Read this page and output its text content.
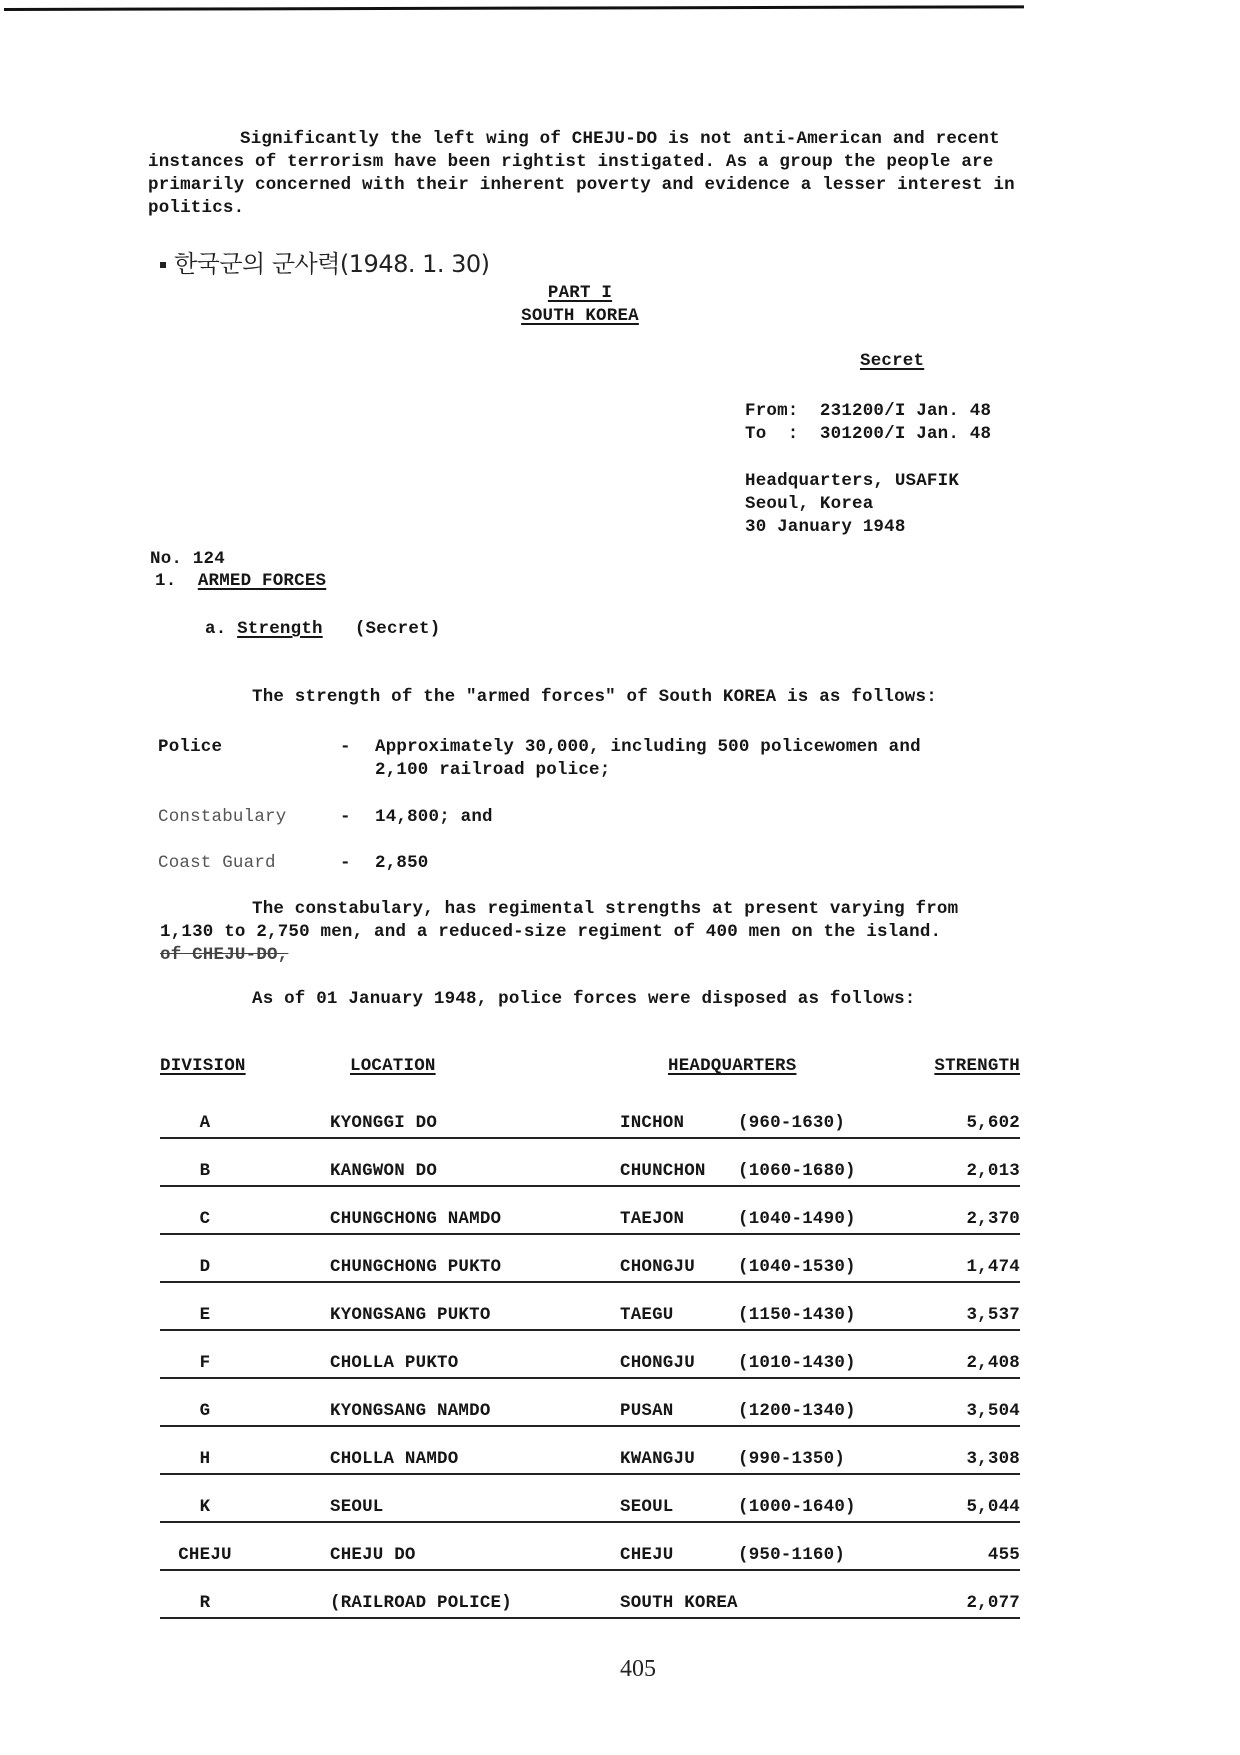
Significantly the left wing of CHEJU-DO is not anti-American and recent instances of terrorism have been rightist instigated. As a group the people are primarily concerned with their inherent poverty and evidence a lesser interest in politics.

한국군의 군사력(1948. 1. 30)
PART I
SOUTH KOREA
Secret
From: 231200/I Jan. 48
To  : 301200/I Jan. 48
Headquarters, USAFIK
Seoul, Korea
30 January 1948
No. 124
1. ARMED FORCES
a. Strength (Secret)
The strength of the "armed forces" of South KOREA is as follows:
Police	- Approximately 30,000, including 500 policewomen and
2,100 railroad police;
Constabulary	- 14,800; and
Coast Guard	- 2,850
The constabulary, has regimental strengths at present varying from
1,130 to 2,750 men, and a reduced-size regiment of 400 men on the island.
of CHEJU-DO,
As of 01 January 1948, police forces were disposed as follows:
DIVISION	LOCATION	HEADQUARTERS	STRENGTH
A	KYONGGI DO	INCHON	(960-1630)	5,602
B	KANGWON DO	CHUNCHON (1060-1680)	2,013
C	CHUNGCHONG NAMDO	TAEJON	(1040-1490)	2,370
D	CHUNGCHONG PUKTO	CHONGJU (1040-1530)	1,474
E	KYONGSANG PUKTO	TAEGU	(1150-1430)	3,537
F	CHOLLA PUKTO	CHONGJU (1010-1430)	2,408
G	KYONGSANG NAMDO	PUSAN	(1200-1340)	3,504
H	CHOLLA NAMDO	KWANGJU (990-1350)	3,308
K	SEOUL	SEOUL	(1000-1640)	5,044
CHEJU	CHEJU DO	CHEJU	(950-1160)	455
R	(RAILROAD POLICE)	SOUTH KOREA	2,077
405
